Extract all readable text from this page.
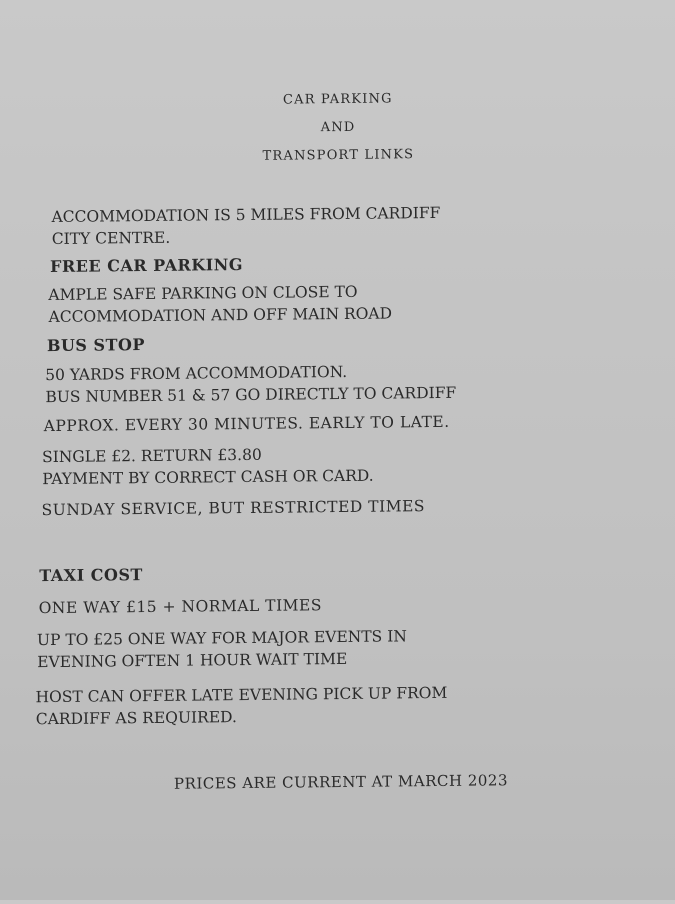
CAR PARKING

AND

TRANSPORT LINKS

ACCOMMODATION IS 5 MILES FROM CARDIFF
CITY CENTRE.

FREE CAR PARKING

AMPLE SAFE PARKING ON CLOSE TO
ACCOMMODATION AND OFF MAIN ROAD

BUS STOP

50 YARDS FROM ACCOMMODATION.
BUS NUMBER 51 & 57 GO DIRECTLY TO CARDIFF

APPROX. EVERY 30 MINUTES. EARLY TO LATE.

SINGLE £2. RETURN £3.80
PAYMENT BY CORRECT CASH OR CARD.

SUNDAY SERVICE, BUT RESTRICTED TIMES

TAXI COST

ONE WAY £15 + NORMAL TIMES

UP TO £25 ONE WAY FOR MAJOR EVENTS IN
EVENING OFTEN 1 HOUR WAIT TIME
HOST CAN OFFER LATE EVENING PICK UP FROM
CARDIFF AS REQUIRED.

PRICES ARE CURRENT AT MARCH 2023
